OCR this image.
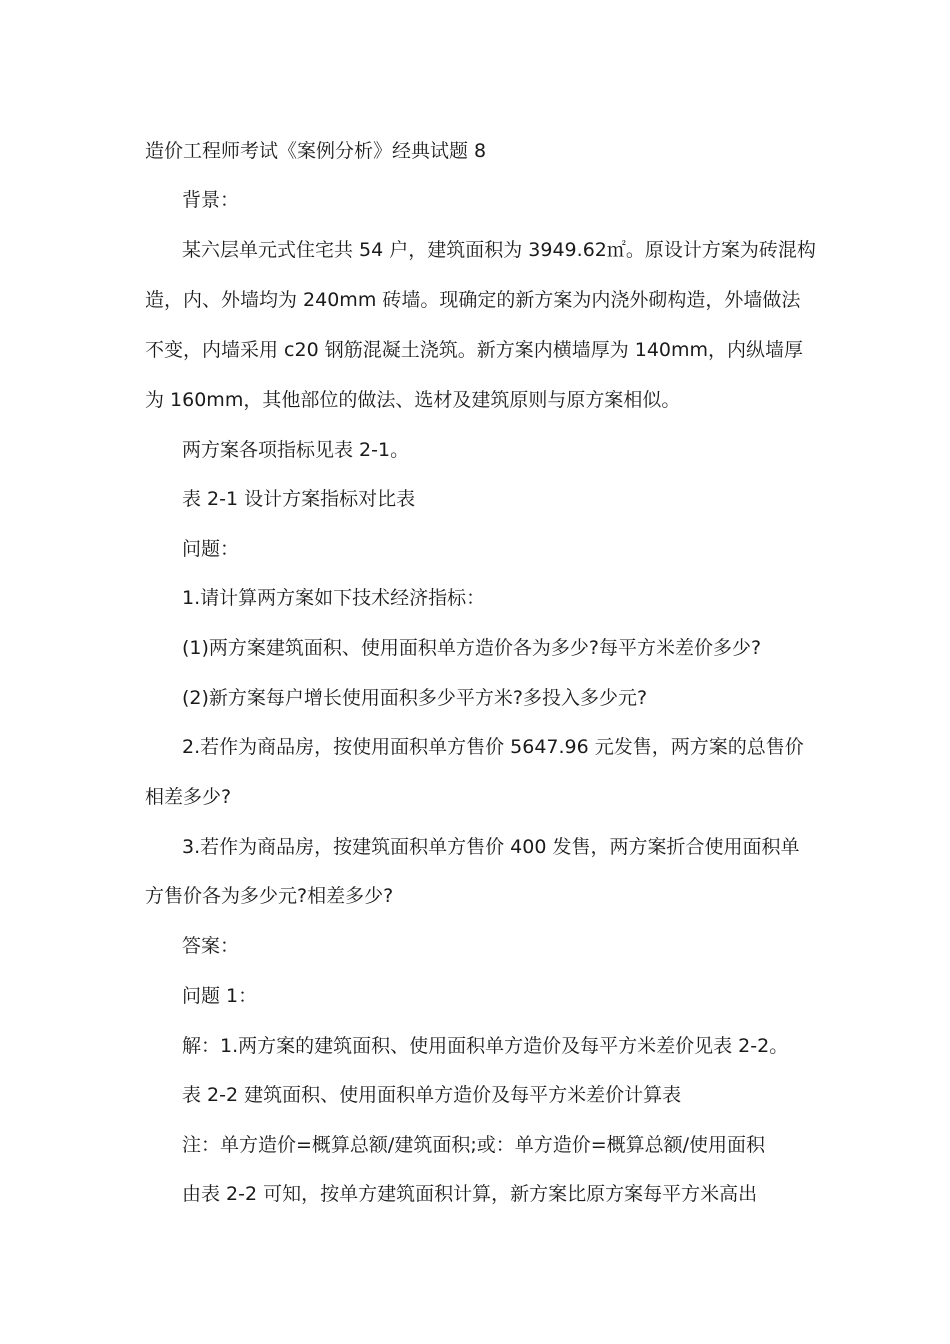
造价工程师考试《案例分析》经典试题 8
背景：
某六层单元式住宅共 54 户，建筑面积为 3949.62㎡。原设计方案为砖混构
造，内、外墙均为 240mm 砖墙。现确定的新方案为内浇外砌构造，外墙做法
不变，内墙采用 c20 钢筋混凝土浇筑。新方案内横墙厚为 140mm，内纵墙厚
为 160mm，其他部位的做法、选材及建筑原则与原方案相似。
两方案各项指标见表 2-1。
表 2-1 设计方案指标对比表
问题：
1.请计算两方案如下技术经济指标：
(1)两方案建筑面积、使用面积单方造价各为多少?每平方米差价多少?
(2)新方案每户增长使用面积多少平方米?多投入多少元?
2.若作为商品房，按使用面积单方售价 5647.96 元发售，两方案的总售价
相差多少?
3.若作为商品房，按建筑面积单方售价 400 发售，两方案折合使用面积单
方售价各为多少元?相差多少?
答案：
问题 1：
解：1.两方案的建筑面积、使用面积单方造价及每平方米差价见表 2-2。
表 2-2 建筑面积、使用面积单方造价及每平方米差价计算表
注：单方造价=概算总额/建筑面积;或：单方造价=概算总额/使用面积
由表 2-2 可知，按单方建筑面积计算，新方案比原方案每平方米高出
